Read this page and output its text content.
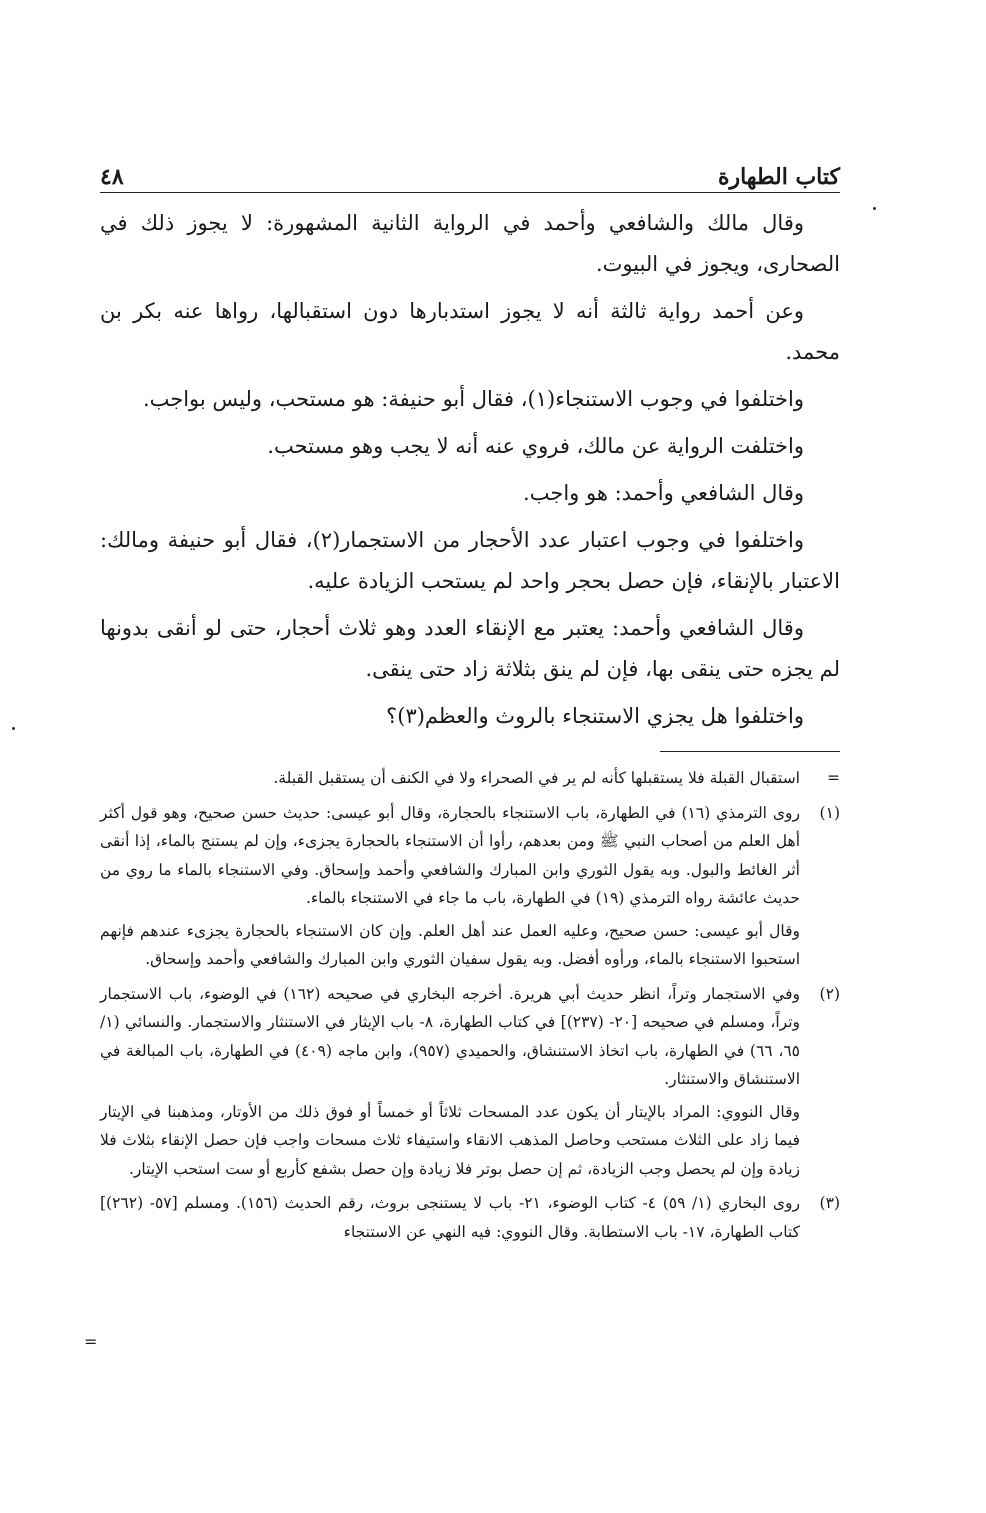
٤٨	كتاب الطهارة

وقال مالك والشافعي وأحمد في الرواية الثانية المشهورة: لا يجوز ذلك في الصحارى، ويجوز في البيوت.

وعن أحمد رواية ثالثة أنه لا يجوز استدبارها دون استقبالها، رواها عنه بكر بن محمد.

واختلفوا في وجوب الاستنجاء(١)، فقال أبو حنيفة: هو مستحب، وليس بواجب.

واختلفت الرواية عن مالك، فروي عنه أنه لا يجب وهو مستحب.

وقال الشافعي وأحمد: هو واجب.

واختلفوا في وجوب اعتبار عدد الأحجار من الاستجمار(٢)، فقال أبو حنيفة ومالك: الاعتبار بالإنقاء، فإن حصل بحجر واحد لم يستحب الزيادة عليه.

وقال الشافعي وأحمد: يعتبر مع الإنقاء العدد وهو ثلاث أحجار، حتى لو أنقى بدونها لم يجزه حتى ينقى بها، فإن لم ينق بثلاثة زاد حتى ينقى.

واختلفوا هل يجزي الاستنجاء بالروث والعظم(٣)؟

=

استقبال القبلة فلا يستقبلها كأنه لم ير في الصحراء ولا في الكنف أن يستقبل القبلة.

(١)

روى الترمذي (١٦) في الطهارة، باب الاستنجاء بالحجارة، وقال أبو عيسى: حديث حسن صحيح، وهو قول أكثر أهل العلم من أصحاب النبي ﷺ ومن بعدهم، رأوا أن الاستنجاء بالحجارة يجزىء، وإن لم يستنج بالماء، إذا أنقى أثر الغائط والبول. وبه يقول الثوري وابن المبارك والشافعي وأحمد وإسحاق. وفي الاستنجاء بالماء ما روي من حديث عائشة رواه الترمذي (١٩) في الطهارة، باب ما جاء في الاستنجاء بالماء.

وقال أبو عيسى: حسن صحيح، وعليه العمل عند أهل العلم. وإن كان الاستنجاء بالحجارة يجزىء عندهم فإنهم استحبوا الاستنجاء بالماء، ورأوه أفضل. وبه يقول سفيان الثوري وابن المبارك والشافعي وأحمد وإسحاق.

(٢)

وفي الاستجمار وتراً، انظر حديث أبي هريرة. أخرجه البخاري في صحيحه (١٦٢) في الوضوء، باب الاستجمار وتراً، ومسلم في صحيحه [٢٠- (٢٣٧)] في كتاب الطهارة، ٨- باب الإيثار في الاستنثار والاستجمار. والنسائي (١/ ٦٥، ٦٦) في الطهارة، باب اتخاذ الاستنشاق، والحميدي (٩٥٧)، وابن ماجه (٤٠٩) في الطهارة، باب المبالغة في الاستنشاق والاستنثار.

وقال النووي: المراد بالإيتار أن يكون عدد المسحات ثلاثاً أو خمساً أو فوق ذلك من الأوتار، ومذهبنا في الإيتار فيما زاد على الثلاث مستحب وحاصل المذهب الانقاء واستيفاء ثلاث مسحات واجب فإن حصل الإنقاء بثلاث فلا زيادة وإن لم يحصل وجب الزيادة، ثم إن حصل بوتر فلا زيادة وإن حصل بشفع كأربع أو ست استحب الإيتار.

(٣)

روى البخاري (١/ ٥٩) ٤- كتاب الوضوء، ٢١- باب لا يستنجى بروث، رقم الحديث (١٥٦). ومسلم [٥٧- (٢٦٢)] كتاب الطهارة، ١٧- باب الاستطابة. وقال النووي: فيه النهي عن الاستنجاء

=
